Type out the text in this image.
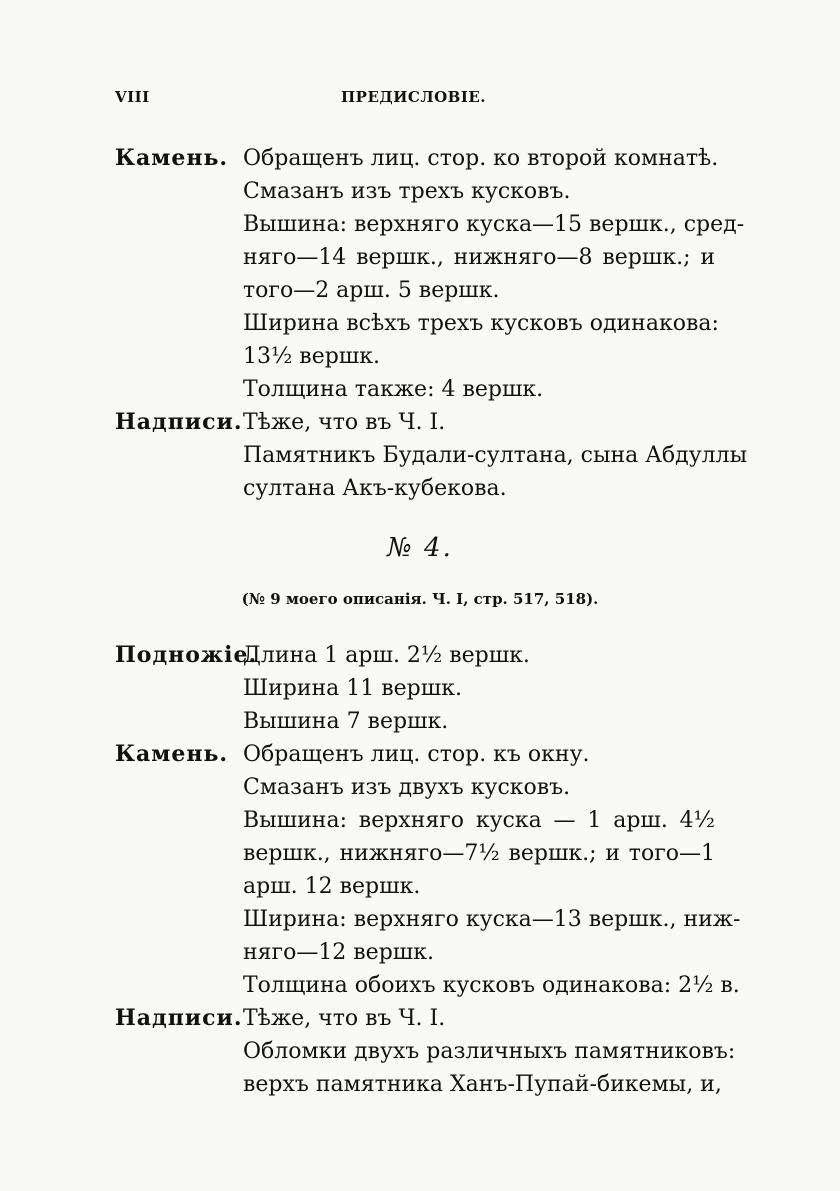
VIII	ПРЕДИСЛОВІЕ.
Камень. Обращенъ лиц. стор. ко второй комнатѣ.
Смазанъ изъ трехъ кусковъ.
Вышина: верхняго куска—15 вершк., сред-
няго—14 вершк., нижняго—8 вершк.; и
того—2 арш. 5 вершк.
Ширина всѣхъ трехъ кусковъ одинакова:
13½ вершк.
Толщина также: 4 вершк.
Надписи. Тѣже, что въ Ч. I.
Памятникъ Будали-султана, сына Абдуллы
султана Акъ-кубекова.
№ 4.
(№ 9 моего описанія. Ч. I, стр. 517, 518).
Подножіе.
Длина 1 арш. 2½ вершк.
Ширина 11 вершк.
Вышина 7 вершк.
Камень. Обращенъ лиц. стор. къ окну.
Смазанъ изъ двухъ кусковъ.
Вышина: верхняго куска — 1 арш. 4½
вершк., нижняго—7½ вершк.; и того—1
арш. 12 вершк.
Ширина: верхняго куска—13 вершк., ниж-
няго—12 вершк.
Толщина обоихъ кусковъ одинакова: 2½ в.
Надписи. Тѣже, что въ Ч. I.
Обломки двухъ различныхъ памятниковъ:
верхъ памятника Ханъ-Пупай-бикемы, и,
